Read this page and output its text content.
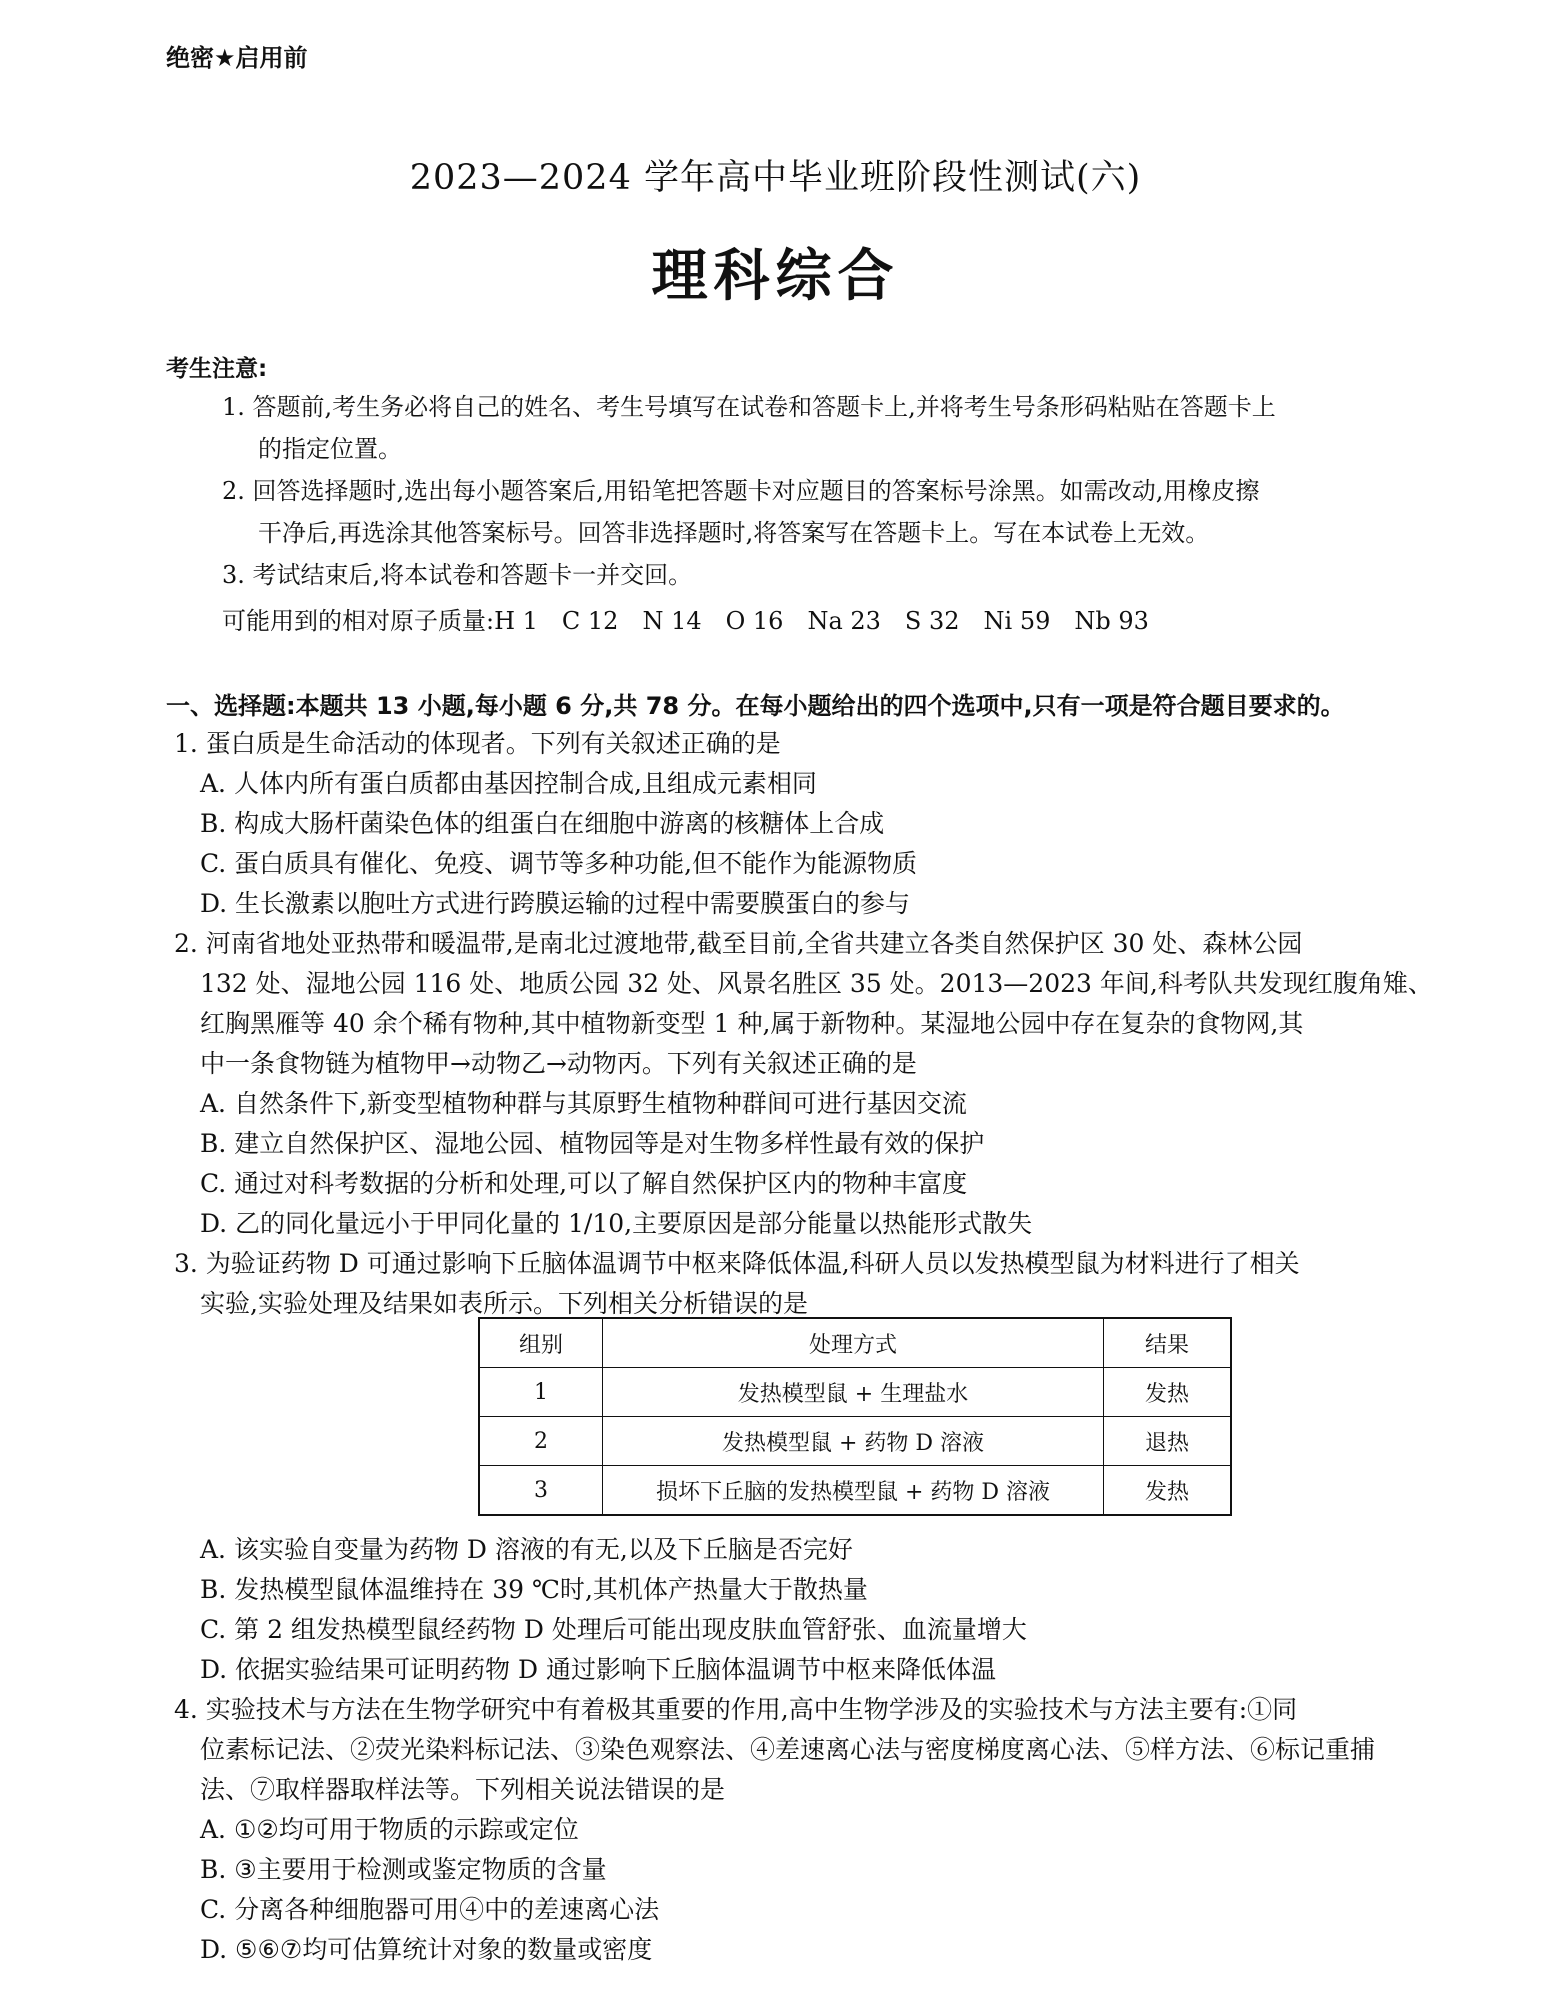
绝密★启用前
2023—2024 学年高中毕业班阶段性测试(六)
理科综合
考生注意:
1. 答题前,考生务必将自己的姓名、考生号填写在试卷和答题卡上,并将考生号条形码粘贴在答题卡上
的指定位置。
2. 回答选择题时,选出每小题答案后,用铅笔把答题卡对应题目的答案标号涂黑。如需改动,用橡皮擦
干净后,再选涂其他答案标号。回答非选择题时,将答案写在答题卡上。写在本试卷上无效。
3. 考试结束后,将本试卷和答题卡一并交回。
可能用到的相对原子质量:H 1　C 12　N 14　O 16　Na 23　S 32　Ni 59　Nb 93
一、选择题:本题共 13 小题,每小题 6 分,共 78 分。在每小题给出的四个选项中,只有一项是符合题目要求的。
1. 蛋白质是生命活动的体现者。下列有关叙述正确的是
A. 人体内所有蛋白质都由基因控制合成,且组成元素相同
B. 构成大肠杆菌染色体的组蛋白在细胞中游离的核糖体上合成
C. 蛋白质具有催化、免疫、调节等多种功能,但不能作为能源物质
D. 生长激素以胞吐方式进行跨膜运输的过程中需要膜蛋白的参与
2. 河南省地处亚热带和暖温带,是南北过渡地带,截至目前,全省共建立各类自然保护区 30 处、森林公园
132 处、湿地公园 116 处、地质公园 32 处、风景名胜区 35 处。2013—2023 年间,科考队共发现红腹角雉、
红胸黑雁等 40 余个稀有物种,其中植物新变型 1 种,属于新物种。某湿地公园中存在复杂的食物网,其
中一条食物链为植物甲→动物乙→动物丙。下列有关叙述正确的是
A. 自然条件下,新变型植物种群与其原野生植物种群间可进行基因交流
B. 建立自然保护区、湿地公园、植物园等是对生物多样性最有效的保护
C. 通过对科考数据的分析和处理,可以了解自然保护区内的物种丰富度
D. 乙的同化量远小于甲同化量的 1/10,主要原因是部分能量以热能形式散失
3. 为验证药物 D 可通过影响下丘脑体温调节中枢来降低体温,科研人员以发热模型鼠为材料进行了相关
实验,实验处理及结果如表所示。下列相关分析错误的是
组别	处理方式	结果
1	发热模型鼠 + 生理盐水	发热
2	发热模型鼠 + 药物 D 溶液	退热
3	损坏下丘脑的发热模型鼠 + 药物 D 溶液	发热
A. 该实验自变量为药物 D 溶液的有无,以及下丘脑是否完好
B. 发热模型鼠体温维持在 39 ℃时,其机体产热量大于散热量
C. 第 2 组发热模型鼠经药物 D 处理后可能出现皮肤血管舒张、血流量增大
D. 依据实验结果可证明药物 D 通过影响下丘脑体温调节中枢来降低体温
4. 实验技术与方法在生物学研究中有着极其重要的作用,高中生物学涉及的实验技术与方法主要有:①同
位素标记法、②荧光染料标记法、③染色观察法、④差速离心法与密度梯度离心法、⑤样方法、⑥标记重捕
法、⑦取样器取样法等。下列相关说法错误的是
A. ①②均可用于物质的示踪或定位
B. ③主要用于检测或鉴定物质的含量
C. 分离各种细胞器可用④中的差速离心法
D. ⑤⑥⑦均可估算统计对象的数量或密度
